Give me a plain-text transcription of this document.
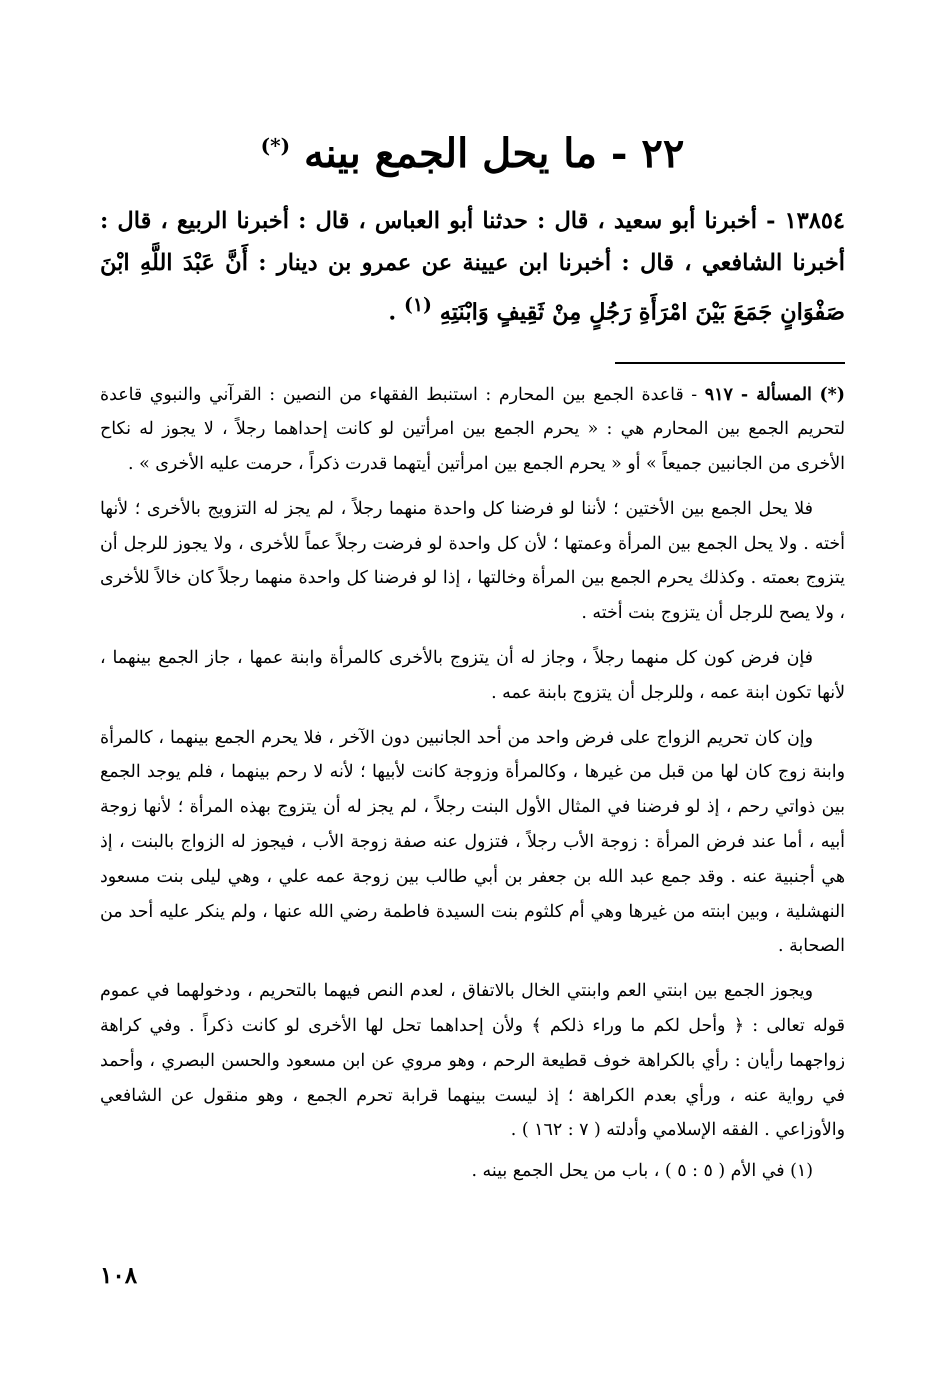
٢٢ - ما يحل الجمع بينه (*)

١٣٨٥٤ - أخبرنا أبو سعيد ، قال : حدثنا أبو العباس ، قال : أخبرنا الربيع ، قال : أخبرنا الشافعي ، قال : أخبرنا ابن عيينة عن عمرو بن دينار : أَنَّ عَبْدَ اللَّهِ ابْنَ صَفْوَانٍ جَمَعَ بَيْنَ امْرَأَةِ رَجُلٍ مِنْ ثَقِيفٍ وَابْنَتِهِ $^{(١)}$ .

(*) المسألة - ٩١٧ - قاعدة الجمع بين المحارم : استنبط الفقهاء من النصين : القرآني والنبوي قاعدة لتحريم الجمع بين المحارم هي : « يحرم الجمع بين امرأتين لو كانت إحداهما رجلاً ، لا يجوز له نكاح الأخرى من الجانبين جميعاً » أو « يحرم الجمع بين امرأتين أيتهما قدرت ذكراً ، حرمت عليه الأخرى » .

فلا يحل الجمع بين الأختين ؛ لأننا لو فرضنا كل واحدة منهما رجلاً ، لم يجز له التزويج بالأخرى ؛ لأنها أخته . ولا يحل الجمع بين المرأة وعمتها ؛ لأن كل واحدة لو فرضت رجلاً عماً للأخرى ، ولا يجوز للرجل أن يتزوج بعمته . وكذلك يحرم الجمع بين المرأة وخالتها ، إذا لو فرضنا كل واحدة منهما رجلاً كان خالاً للأخرى ، ولا يصح للرجل أن يتزوج بنت أخته .

فإن فرض كون كل منهما رجلاً ، وجاز له أن يتزوج بالأخرى كالمرأة وابنة عمها ، جاز الجمع بينهما ، لأنها تكون ابنة عمه ، وللرجل أن يتزوج بابنة عمه .

وإن كان تحريم الزواج على فرض واحد من أحد الجانبين دون الآخر ، فلا يحرم الجمع بينهما ، كالمرأة وابنة زوج كان لها من قبل من غيرها ، وكالمرأة وزوجة كانت لأبيها ؛ لأنه لا رحم بينهما ، فلم يوجد الجمع بين ذواتي رحم ، إذ لو فرضنا في المثال الأول البنت رجلاً ، لم يجز له أن يتزوج بهذه المرأة ؛ لأنها زوجة أبيه ، أما عند فرض المرأة : زوجة الأب رجلاً ، فتزول عنه صفة زوجة الأب ، فيجوز له الزواج بالبنت ، إذ هي أجنبية عنه . وقد جمع عبد الله بن جعفر بن أبي طالب بين زوجة عمه علي ، وهي ليلى بنت مسعود النهشلية ، وبين ابنته من غيرها وهي أم كلثوم بنت السيدة فاطمة رضي الله عنها ، ولم ينكر عليه أحد من الصحابة .

ويجوز الجمع بين ابنتي العم وابنتي الخال بالاتفاق ، لعدم النص فيهما بالتحريم ، ودخولهما في عموم قوله تعالى : ﴿ وأحل لكم ما وراء ذلكم ﴾ ولأن إحداهما تحل لها الأخرى لو كانت ذكراً . وفي كراهة زواجهما رأيان : رأي بالكراهة خوف قطيعة الرحم ، وهو مروي عن ابن مسعود والحسن البصري ، وأحمد في رواية عنه ، ورأي بعدم الكراهة ؛ إذ ليست بينهما قرابة تحرم الجمع ، وهو منقول عن الشافعي والأوزاعي . الفقه الإسلامي وأدلته ( ٧ : ١٦٢ ) .

(١) في الأم ( ٥ : ٥ ) ، باب من يحل الجمع بينه .

١٠٨
